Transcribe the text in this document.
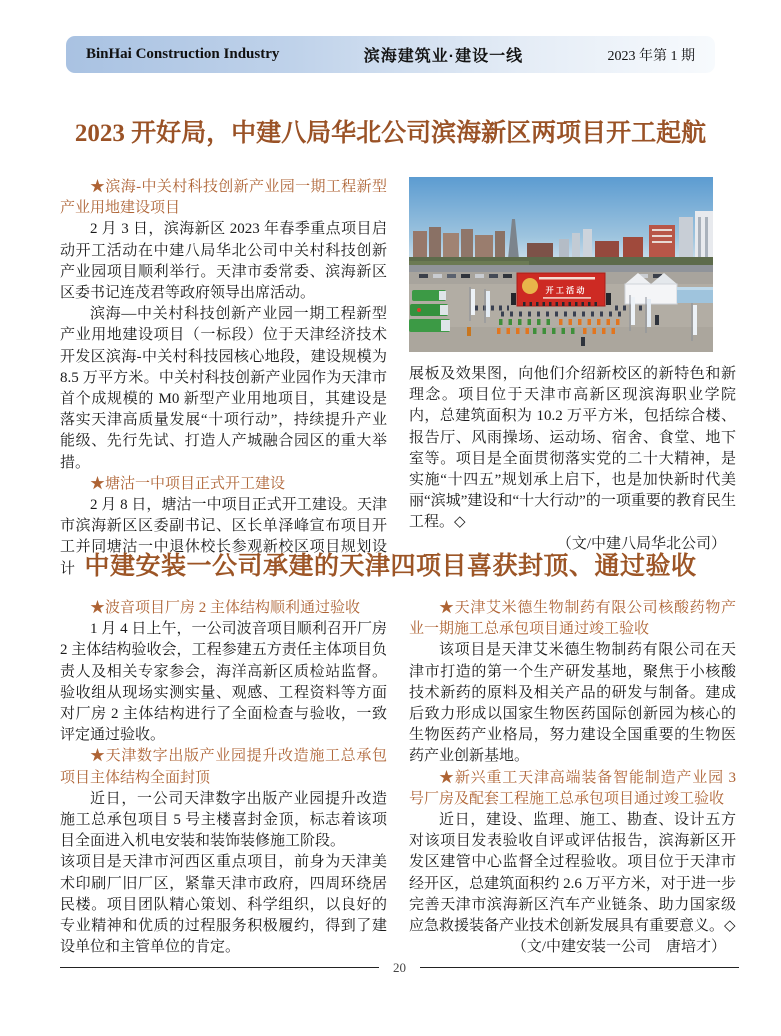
BinHai Construction Industry	滨海建筑业·建设一线	2023 年第 1 期
2023 开好局，中建八局华北公司滨海新区两项目开工起航

★滨海-中关村科技创新产业园一期工程新型产业用地建设项目

2 月 3 日，滨海新区 2023 年春季重点项目启动开工活动在中建八局华北公司中关村科技创新产业园项目顺利举行。天津市委常委、滨海新区区委书记连茂君等政府领导出席活动。

滨海—中关村科技创新产业园一期工程新型产业用地建设项目（一标段）位于天津经济技术开发区滨海-中关村科技园核心地段，建设规模为 8.5 万平方米。中关村科技创新产业园作为天津市首个成规模的 M0 新型产业用地项目，其建设是落实天津高质量发展“十项行动”，持续提升产业能级、先行先试、打造人产城融合园区的重大举措。

★塘沽一中项目正式开工建设

2 月 8 日，塘沽一中项目正式开工建设。天津市滨海新区区委副书记、区长单泽峰宣布项目开工并同塘沽一中退休校长参观新校区项目规划设计

开 工 活 动

展板及效果图，向他们介绍新校区的新特色和新理念。项目位于天津市高新区现滨海职业学院内，总建筑面积为 10.2 万平方米，包括综合楼、报告厅、风雨操场、运动场、宿舍、食堂、地下室等。项目是全面贯彻落实党的二十大精神，是实施“十四五”规划承上启下，也是加快新时代美丽“滨城”建设和“十大行动”的一项重要的教育民生工程。◇

（文/中建八局华北公司）

中建安装一公司承建的天津四项目喜获封顶、通过验收

★波音项目厂房 2 主体结构顺利通过验收

1 月 4 日上午，一公司波音项目顺利召开厂房 2 主体结构验收会，工程参建五方责任主体项目负责人及相关专家参会，海洋高新区质检站监督。验收组从现场实测实量、观感、工程资料等方面对厂房 2 主体结构进行了全面检查与验收，一致评定通过验收。

★天津数字出版产业园提升改造施工总承包项目主体结构全面封顶

近日，一公司天津数字出版产业园提升改造施工总承包项目 5 号主楼喜封金顶，标志着该项目全面进入机电安装和装饰装修施工阶段。

该项目是天津市河西区重点项目，前身为天津美术印刷厂旧厂区，紧靠天津市政府，四周环绕居民楼。项目团队精心策划、科学组织，以良好的专业精神和优质的过程服务积极履约，得到了建设单位和主管单位的肯定。

★天津艾米德生物制药有限公司核酸药物产业一期施工总承包项目通过竣工验收

该项目是天津艾米德生物制药有限公司在天津市打造的第一个生产研发基地，聚焦于小核酸技术新药的原料及相关产品的研发与制备。建成后致力形成以国家生物医药国际创新园为核心的生物医药产业格局，努力建设全国重要的生物医药产业创新基地。

★新兴重工天津高端装备智能制造产业园 3 号厂房及配套工程施工总承包项目通过竣工验收

近日，建设、监理、施工、勘查、设计五方对该项目发表验收自评或评估报告，滨海新区开发区建管中心监督全过程验收。项目位于天津市经开区，总建筑面积约 2.6 万平方米，对于进一步完善天津市滨海新区汽车产业链条、助力国家级应急救援装备产业技术创新发展具有重要意义。◇

（文/中建安装一公司　唐培才）

20
